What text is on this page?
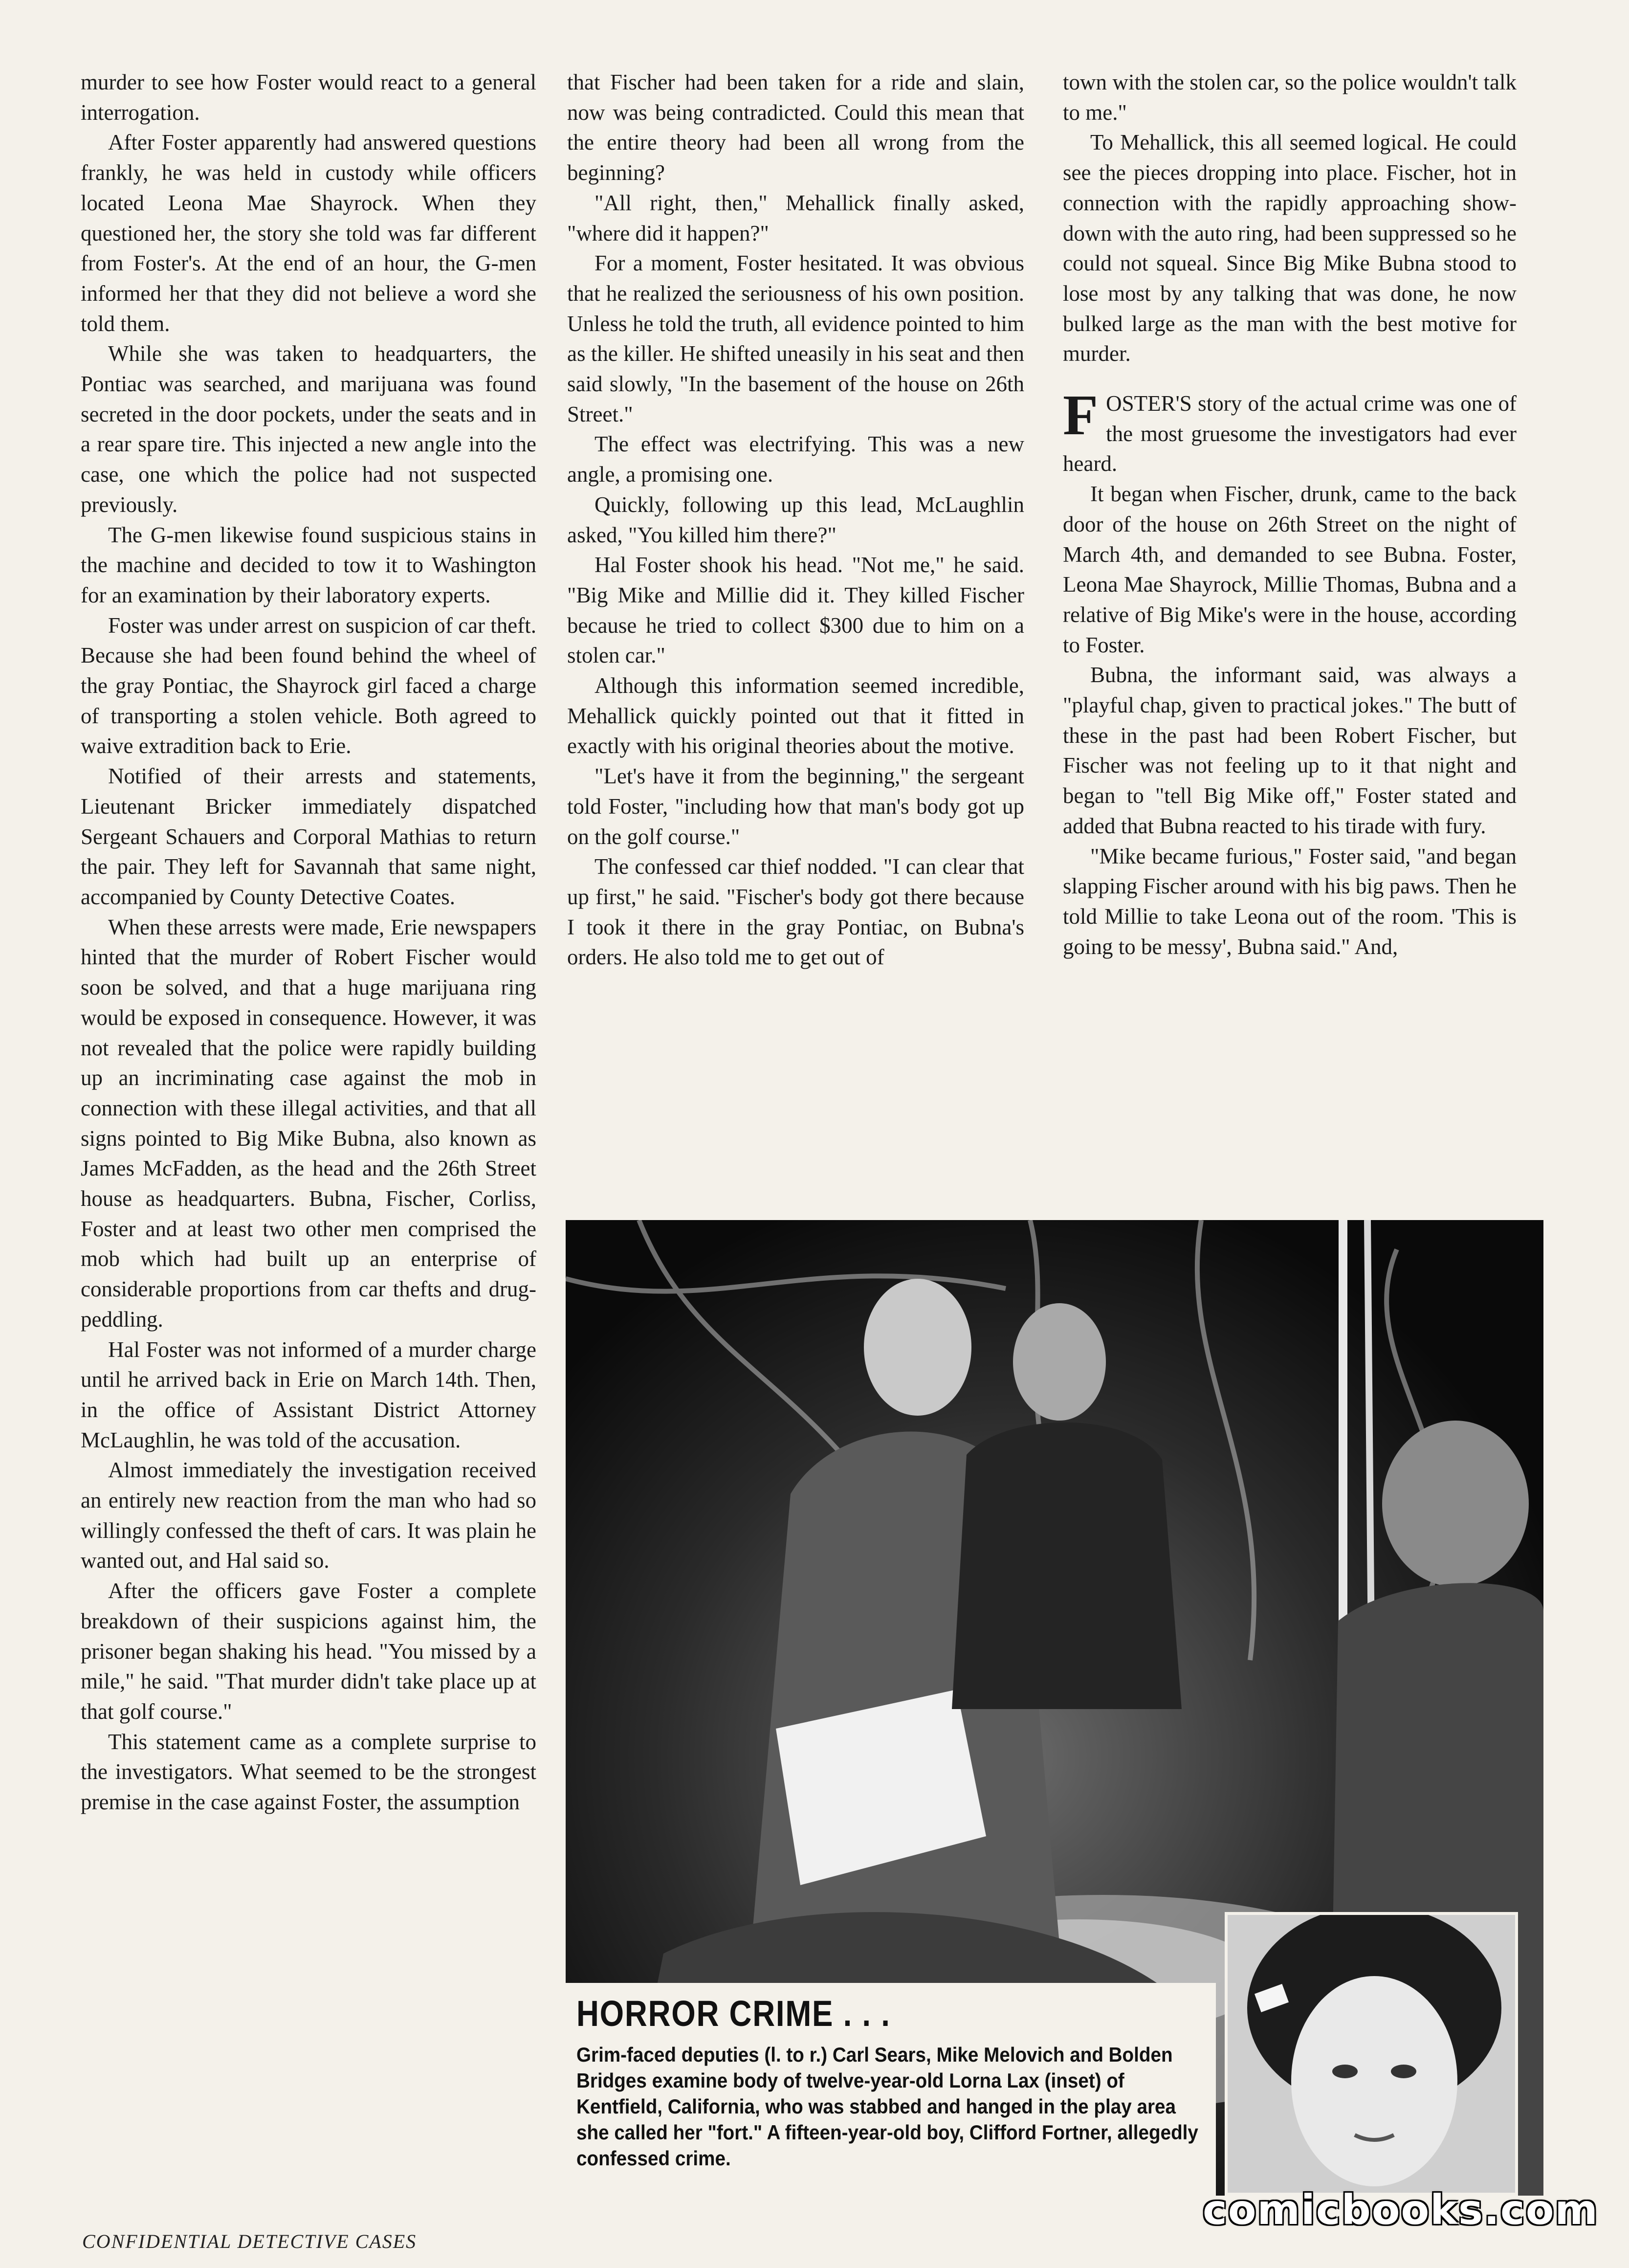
murder to see how Foster would react to a general interrogation.

After Foster apparently had answered questions frankly, he was held in custody while officers located Leona Mae Shayrock. When they questioned her, the story she told was far different from Foster's. At the end of an hour, the G-men informed her that they did not believe a word she told them.

While she was taken to headquarters, the Pontiac was searched, and marijuana was found secreted in the door pockets, under the seats and in a rear spare tire. This injected a new angle into the case, one which the police had not suspected previously.

The G-men likewise found suspicious stains in the machine and decided to tow it to Washington for an examination by their laboratory experts.

Foster was under arrest on suspicion of car theft. Because she had been found behind the wheel of the gray Pontiac, the Shayrock girl faced a charge of transporting a stolen vehicle. Both agreed to waive extradition back to Erie.

Notified of their arrests and statements, Lieutenant Bricker immediately dispatched Sergeant Schauers and Corporal Mathias to return the pair. They left for Savannah that same night, accompanied by County Detective Coates.

When these arrests were made, Erie newspapers hinted that the murder of Robert Fischer would soon be solved, and that a huge marijuana ring would be exposed in consequence. However, it was not revealed that the police were rapidly building up an incriminating case against the mob in connection with these illegal activities, and that all signs pointed to Big Mike Bubna, also known as James McFadden, as the head and the 26th Street house as headquarters. Bubna, Fischer, Corliss, Foster and at least two other men comprised the mob which had built up an enterprise of considerable proportions from car thefts and drug-peddling.

Hal Foster was not informed of a murder charge until he arrived back in Erie on March 14th. Then, in the office of Assistant District Attorney McLaughlin, he was told of the accusation.

Almost immediately the investigation received an entirely new reaction from the man who had so willingly confessed the theft of cars. It was plain he wanted out, and Hal said so.

After the officers gave Foster a complete breakdown of their suspicions against him, the prisoner began shaking his head. "You missed by a mile," he said. "That murder didn't take place up at that golf course."

This statement came as a complete surprise to the investigators. What seemed to be the strongest premise in the case against Foster, the assumption

that Fischer had been taken for a ride and slain, now was being contradicted. Could this mean that the entire theory had been all wrong from the beginning?

"All right, then," Mehallick finally asked, "where did it happen?"

For a moment, Foster hesitated. It was obvious that he realized the seriousness of his own position. Unless he told the truth, all evidence pointed to him as the killer. He shifted uneasily in his seat and then said slowly, "In the basement of the house on 26th Street."

The effect was electrifying. This was a new angle, a promising one.

Quickly, following up this lead, McLaughlin asked, "You killed him there?"

Hal Foster shook his head. "Not me," he said. "Big Mike and Millie did it. They killed Fischer because he tried to collect $300 due to him on a stolen car."

Although this information seemed incredible, Mehallick quickly pointed out that it fitted in exactly with his original theories about the motive.

"Let's have it from the beginning," the sergeant told Foster, "including how that man's body got up on the golf course."

The confessed car thief nodded. "I can clear that up first," he said. "Fischer's body got there because I took it there in the gray Pontiac, on Bubna's orders. He also told me to get out of

town with the stolen car, so the police wouldn't talk to me."

To Mehallick, this all seemed logical. He could see the pieces dropping into place. Fischer, hot in connection with the rapidly approaching show-down with the auto ring, had been suppressed so he could not squeal. Since Big Mike Bubna stood to lose most by any talking that was done, he now bulked large as the man with the best motive for murder.

FOSTER'S story of the actual crime was one of the most gruesome the investigators had ever heard.

It began when Fischer, drunk, came to the back door of the house on 26th Street on the night of March 4th, and demanded to see Bubna. Foster, Leona Mae Shayrock, Millie Thomas, Bubna and a relative of Big Mike's were in the house, according to Foster.

Bubna, the informant said, was always a "playful chap, given to practical jokes." The butt of these in the past had been Robert Fischer, but Fischer was not feeling up to it that night and began to "tell Big Mike off," Foster stated and added that Bubna reacted to his tirade with fury.

"Mike became furious," Foster said, "and began slapping Fischer around with his big paws. Then he told Millie to take Leona out of the room. 'This is going to be messy', Bubna said." And,

HORROR CRIME . . .
Grim-faced deputies (l. to r.) Carl Sears, Mike Melovich and Bolden Bridges examine body of twelve-year-old Lorna Lax (inset) of Kentfield, California, who was stabbed and hanged in the play area she called her "fort." A fifteen-year-old boy, Clifford Fortner, allegedly confessed crime.
CONFIDENTIAL DETECTIVE CASES
comicbooks.com
